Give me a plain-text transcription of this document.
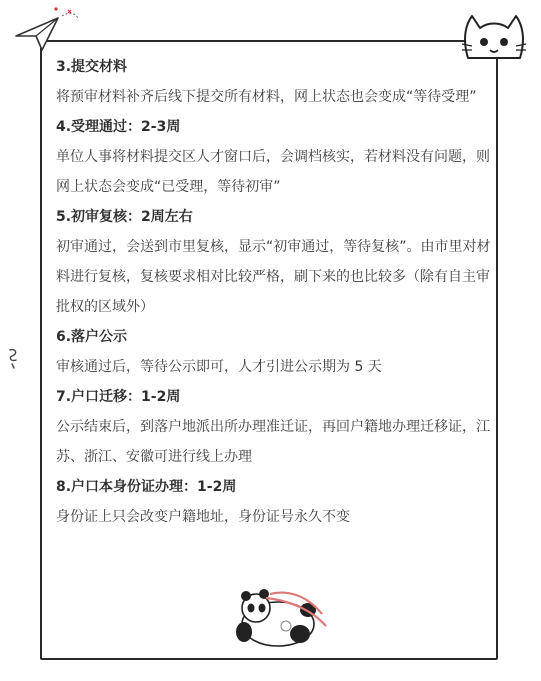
3.提交材料

将预审材料补齐后线下提交所有材料，网上状态也会变成“等待受理”

4.受理通过：2-3周

单位人事将材料提交区人才窗口后，会调档核实，若材料没有问题，则网上状态会变成“已受理，等待初审”

5.初审复核：2周左右

初审通过，会送到市里复核，显示“初审通过，等待复核”。由市里对材料进行复核，复核要求相对比较严格，刷下来的也比较多（除有自主审批权的区域外）

6.落户公示

审核通过后，等待公示即可，人才引进公示期为 5 天

7.户口迁移：1-2周

公示结束后，到落户地派出所办理准迁证，再回户籍地办理迁移证，江苏、浙江、安徽可进行线上办理

8.户口本身份证办理：1-2周

身份证上只会改变户籍地址，身份证号永久不变
